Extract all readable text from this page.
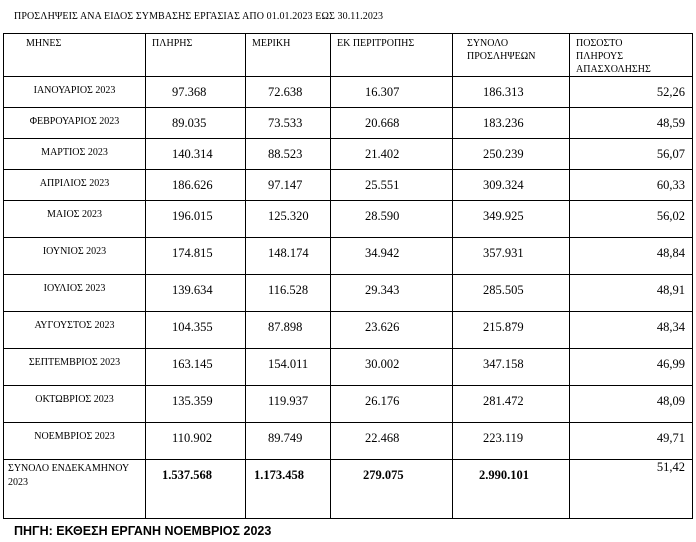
ΠΡΟΣΛΗΨΕΙΣ ΑΝΑ ΕΙΔΟΣ ΣΥΜΒΑΣΗΣ ΕΡΓΑΣΙΑΣ ΑΠΟ 01.01.2023 ΕΩΣ 30.11.2023
ΜΗΝΕΣ	ΠΛΗΡΗΣ	ΜΕΡΙΚΗ	ΕΚ ΠΕΡΙΤΡΟΠΗΣ	ΣΥΝΟΛΟ ΠΡΟΣΛΗΨΕΩΝ	ΠΟΣΟΣΤΟ ΠΛΗΡΟΥΣ ΑΠΑΣΧΟΛΗΣΗΣ
ΙΑΝΟΥΑΡΙΟΣ 2023	97.368	72.638	16.307	186.313	52,26
ΦΕΒΡΟΥΑΡΙΟΣ 2023	89.035	73.533	20.668	183.236	48,59
ΜΑΡΤΙΟΣ 2023	140.314	88.523	21.402	250.239	56,07
ΑΠΡΙΛΙΟΣ 2023	186.626	97.147	25.551	309.324	60,33
ΜΑΙΟΣ 2023	196.015	125.320	28.590	349.925	56,02
ΙΟΥΝΙΟΣ 2023	174.815	148.174	34.942	357.931	48,84
ΙΟΥΛΙΟΣ 2023	139.634	116.528	29.343	285.505	48,91
ΑΥΓΟΥΣΤΟΣ 2023	104.355	87.898	23.626	215.879	48,34
ΣΕΠΤΕΜΒΡΙΟΣ 2023	163.145	154.011	30.002	347.158	46,99
ΟΚΤΩΒΡΙΟΣ 2023	135.359	119.937	26.176	281.472	48,09
ΝΟΕΜΒΡΙΟΣ 2023	110.902	89.749	22.468	223.119	49,71
ΣΥΝΟΛΟ ΕΝΔΕΚΑΜΗΝΟΥ 2023	1.537.568	1.173.458	279.075	2.990.101	51,42
ΠΗΓΗ: ΕΚΘΕΣΗ ΕΡΓΑΝΗ ΝΟΕΜΒΡΙΟΣ 2023
